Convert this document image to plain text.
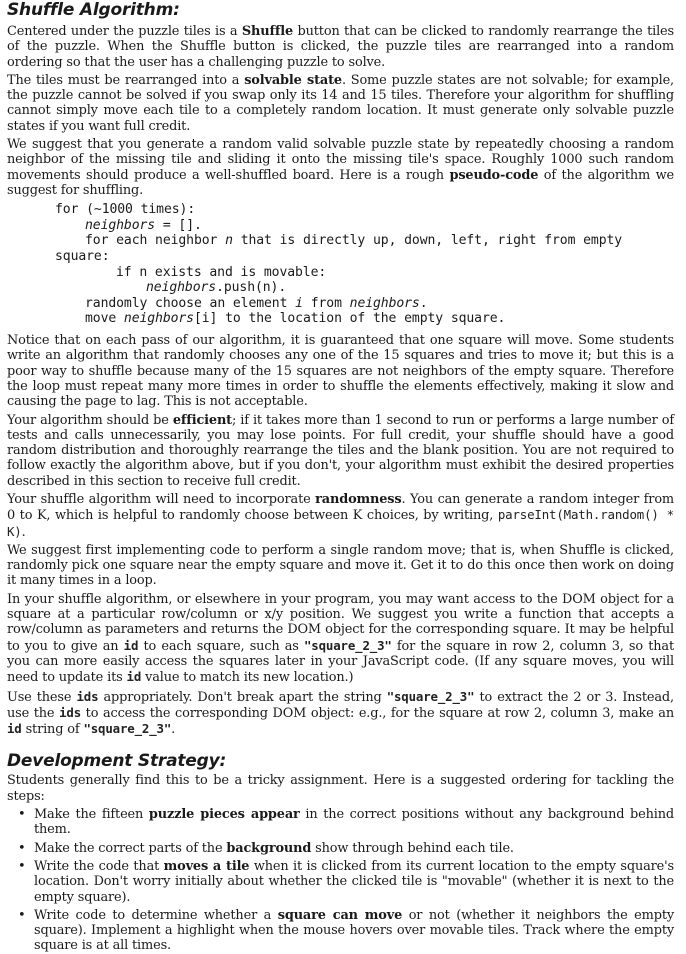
Shuffle Algorithm:

Centered under the puzzle tiles is a Shuffle button that can be clicked to randomly rearrange the tiles of the puzzle. When the Shuffle button is clicked, the puzzle tiles are rearranged into a random ordering so that the user has a challenging puzzle to solve.

The tiles must be rearranged into a solvable state. Some puzzle states are not solvable; for example, the puzzle cannot be solved if you swap only its 14 and 15 tiles. Therefore your algorithm for shuffling cannot simply move each tile to a completely random location. It must generate only solvable puzzle states if you want full credit.

We suggest that you generate a random valid solvable puzzle state by repeatedly choosing a random neighbor of the missing tile and sliding it onto the missing tile's space. Roughly 1000 such random movements should produce a well-shuffled board. Here is a rough pseudo-code of the algorithm we suggest for shuffling.

for (~1000 times):
neighbors = [].
for each neighbor n that is directly up, down, left, right from empty
square:
if n exists and is movable:
neighbors.push(n).
randomly choose an element i from neighbors.
move neighbors[i] to the location of the empty square.

Notice that on each pass of our algorithm, it is guaranteed that one square will move. Some students write an algorithm that randomly chooses any one of the 15 squares and tries to move it; but this is a poor way to shuffle because many of the 15 squares are not neighbors of the empty square. Therefore the loop must repeat many more times in order to shuffle the elements effectively, making it slow and causing the page to lag. This is not acceptable.

Your algorithm should be efficient; if it takes more than 1 second to run or performs a large number of tests and calls unnecessarily, you may lose points. For full credit, your shuffle should have a good random distribution and thoroughly rearrange the tiles and the blank position. You are not required to follow exactly the algorithm above, but if you don't, your algorithm must exhibit the desired properties described in this section to receive full credit.

Your shuffle algorithm will need to incorporate randomness. You can generate a random integer from 0 to K, which is helpful to randomly choose between K choices, by writing, parseInt(Math.random() * K).

We suggest first implementing code to perform a single random move; that is, when Shuffle is clicked, randomly pick one square near the empty square and move it. Get it to do this once then work on doing it many times in a loop.

In your shuffle algorithm, or elsewhere in your program, you may want access to the DOM object for a square at a particular row/column or x/y position. We suggest you write a function that accepts a row/column as parameters and returns the DOM object for the corresponding square. It may be helpful to you to give an id to each square, such as "square_2_3" for the square in row 2, column 3, so that you can more easily access the squares later in your JavaScript code. (If any square moves, you will need to update its id value to match its new location.)

Use these ids appropriately. Don't break apart the string "square_2_3" to extract the 2 or 3. Instead, use the ids to access the corresponding DOM object: e.g., for the square at row 2, column 3, make an id string of "square_2_3".

Development Strategy:

Students generally find this to be a tricky assignment. Here is a suggested ordering for tackling the steps:

• Make the fifteen puzzle pieces appear in the correct positions without any background behind them.
• Make the correct parts of the background show through behind each tile.
• Write the code that moves a tile when it is clicked from its current location to the empty square's location. Don't worry initially about whether the clicked tile is "movable" (whether it is next to the empty square).
• Write code to determine whether a square can move or not (whether it neighbors the empty square). Implement a highlight when the mouse hovers over movable tiles. Track where the empty square is at all times.
